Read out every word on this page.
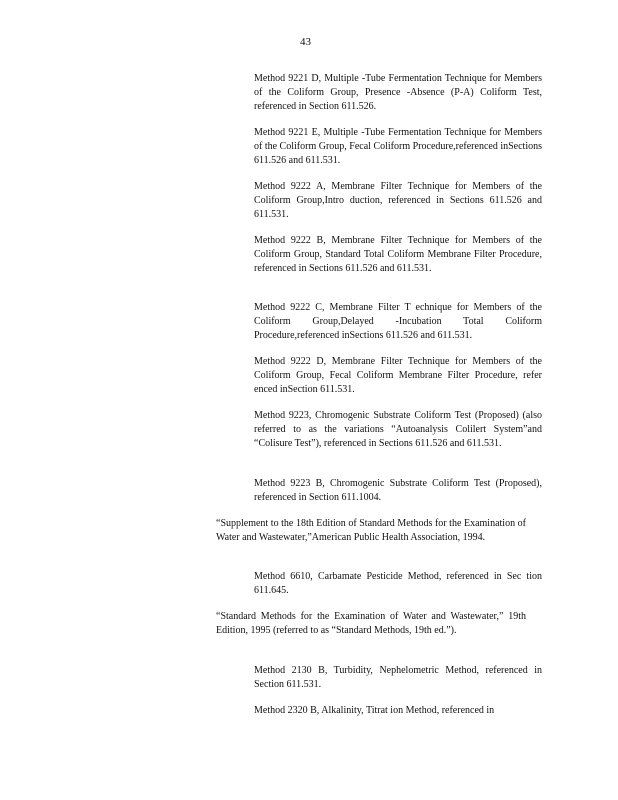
43

Method 9221 D, Multiple -Tube Fermentation Technique for Members of the Coliform Group, Presence -Absence (P-A) Coliform Test, referenced in Section 611.526.

Method 9221 E, Multiple -Tube Fermentation Technique for Members of the Coliform Group, Fecal Coliform Procedure,referenced inSections 611.526 and 611.531.

Method 9222 A, Membrane Filter Technique for Members of the Coliform Group,Intro duction, referenced in Sections 611.526 and 611.531.

Method 9222 B, Membrane Filter Technique for Members of the Coliform Group, Standard Total Coliform Membrane Filter Procedure, referenced in Sections 611.526 and 611.531.

Method 9222 C, Membrane Filter T echnique for Members of the Coliform Group,Delayed -Incubation Total Coliform Procedure,referenced inSections 611.526 and 611.531.

Method 9222 D, Membrane Filter Technique for Members of the Coliform Group, Fecal Coliform Membrane Filter Procedure, refer enced inSection 611.531.

Method 9223, Chromogenic Substrate Coliform Test (Proposed) (also referred to as the variations “Autoanalysis Colilert System”and “Colisure Test”), referenced in Sections 611.526 and 611.531.

Method 9223 B, Chromogenic Substrate Coliform Test (Proposed), referenced in Section 611.1004.

“Supplement to the 18th Edition of Standard Methods for the Examination of Water and Wastewater,”American Public Health Association, 1994.

Method 6610, Carbamate Pesticide Method, referenced in Sec tion 611.645.

“Standard Methods for the Examination of Water and Wastewater,” 19th Edition, 1995 (referred to as “Standard Methods, 19th ed.”).

Method 2130 B, Turbidity, Nephelometric Method, referenced in Section 611.531.

Method 2320 B, Alkalinity, Titrat ion Method, referenced in
